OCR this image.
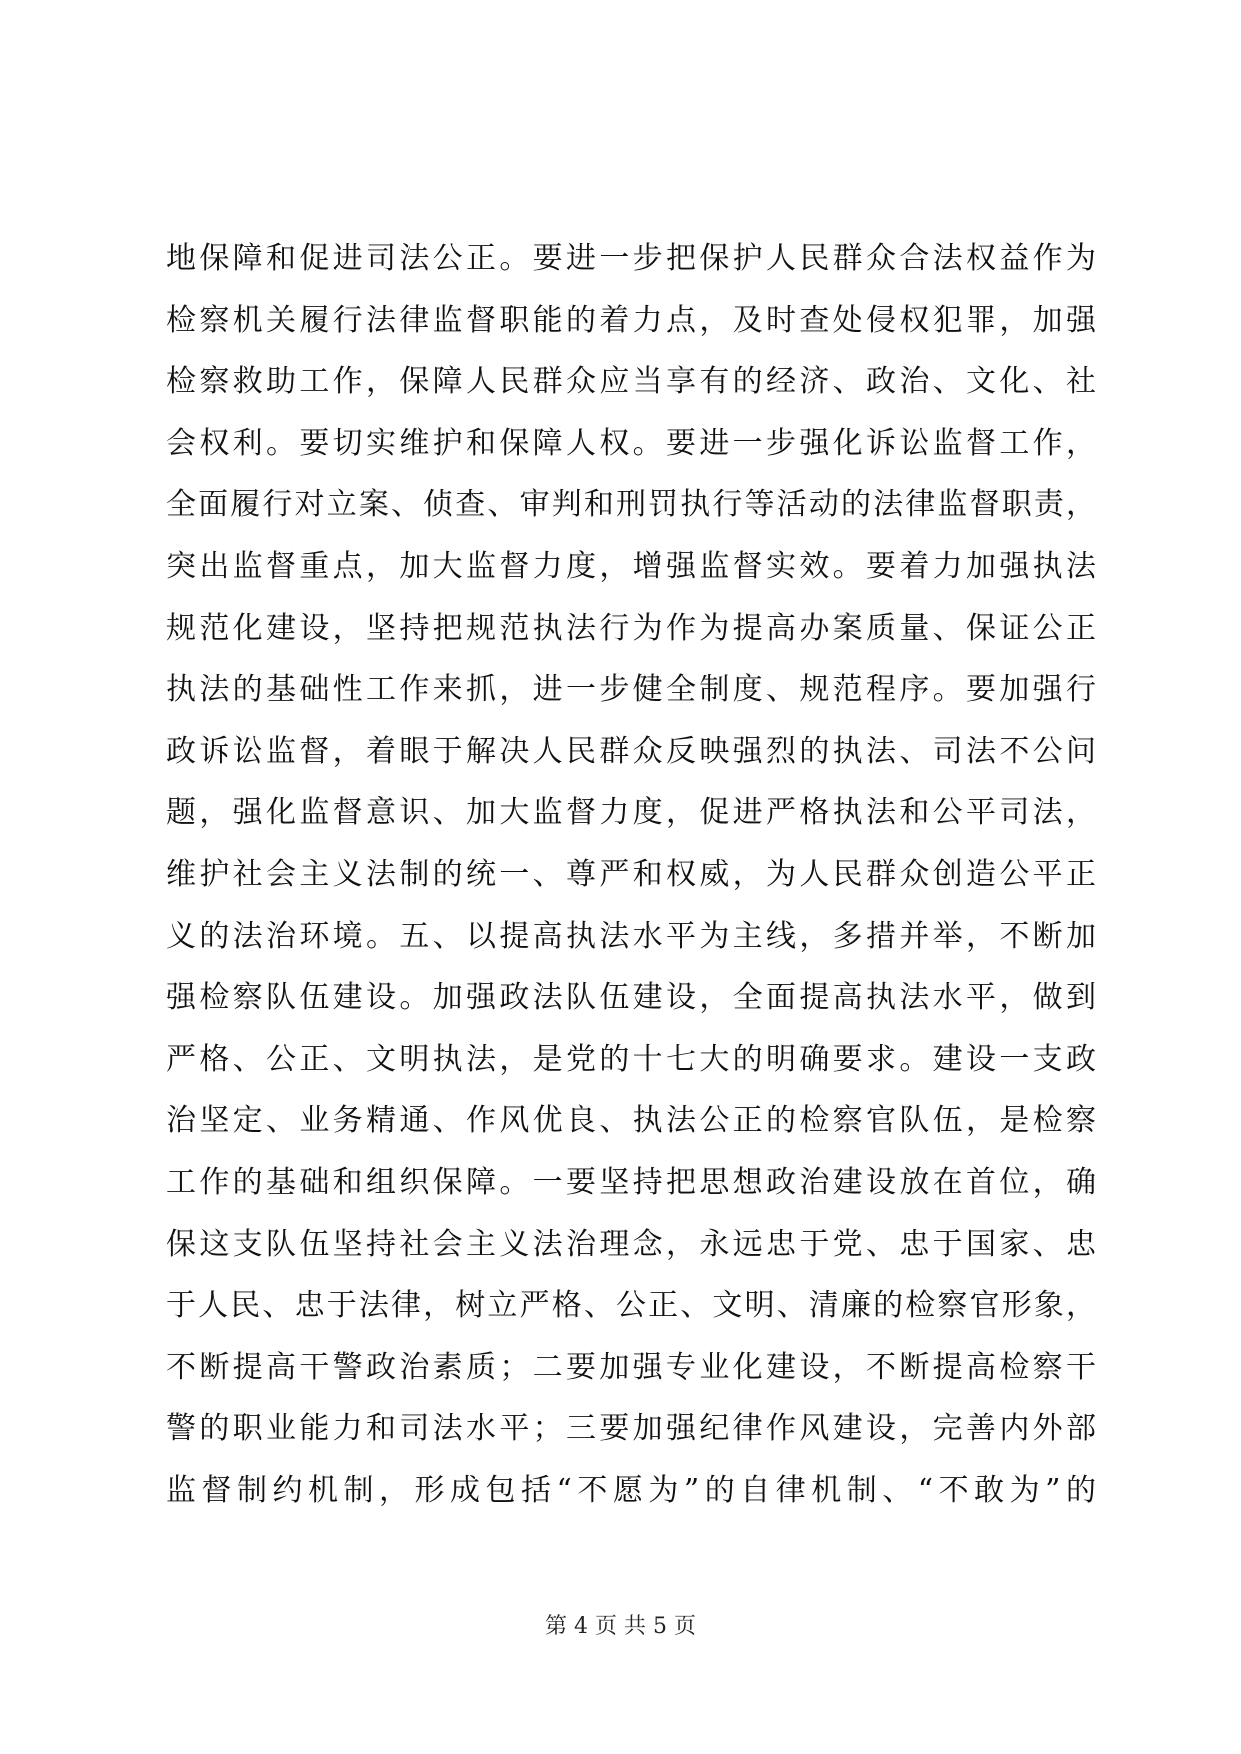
地保障和促进司法公正。要进一步把保护人民群众合法权益作为
检察机关履行法律监督职能的着力点，及时查处侵权犯罪，加强
检察救助工作，保障人民群众应当享有的经济、政治、文化、社
会权利。要切实维护和保障人权。要进一步强化诉讼监督工作，
全面履行对立案、侦查、审判和刑罚执行等活动的法律监督职责，
突出监督重点，加大监督力度，增强监督实效。要着力加强执法
规范化建设，坚持把规范执法行为作为提高办案质量、保证公正
执法的基础性工作来抓，进一步健全制度、规范程序。要加强行
政诉讼监督，着眼于解决人民群众反映强烈的执法、司法不公问
题，强化监督意识、加大监督力度，促进严格执法和公平司法，
维护社会主义法制的统一、尊严和权威，为人民群众创造公平正
义的法治环境。五、以提高执法水平为主线，多措并举，不断加
强检察队伍建设。加强政法队伍建设，全面提高执法水平，做到
严格、公正、文明执法，是党的十七大的明确要求。建设一支政
治坚定、业务精通、作风优良、执法公正的检察官队伍，是检察
工作的基础和组织保障。一要坚持把思想政治建设放在首位，确
保这支队伍坚持社会主义法治理念，永远忠于党、忠于国家、忠
于人民、忠于法律，树立严格、公正、文明、清廉的检察官形象，
不断提高干警政治素质；二要加强专业化建设，不断提高检察干
警的职业能力和司法水平；三要加强纪律作风建设，完善内外部
监督制约机制，形成包括“不愿为”的自律机制、“不敢为”的
第 4 页 共 5 页
